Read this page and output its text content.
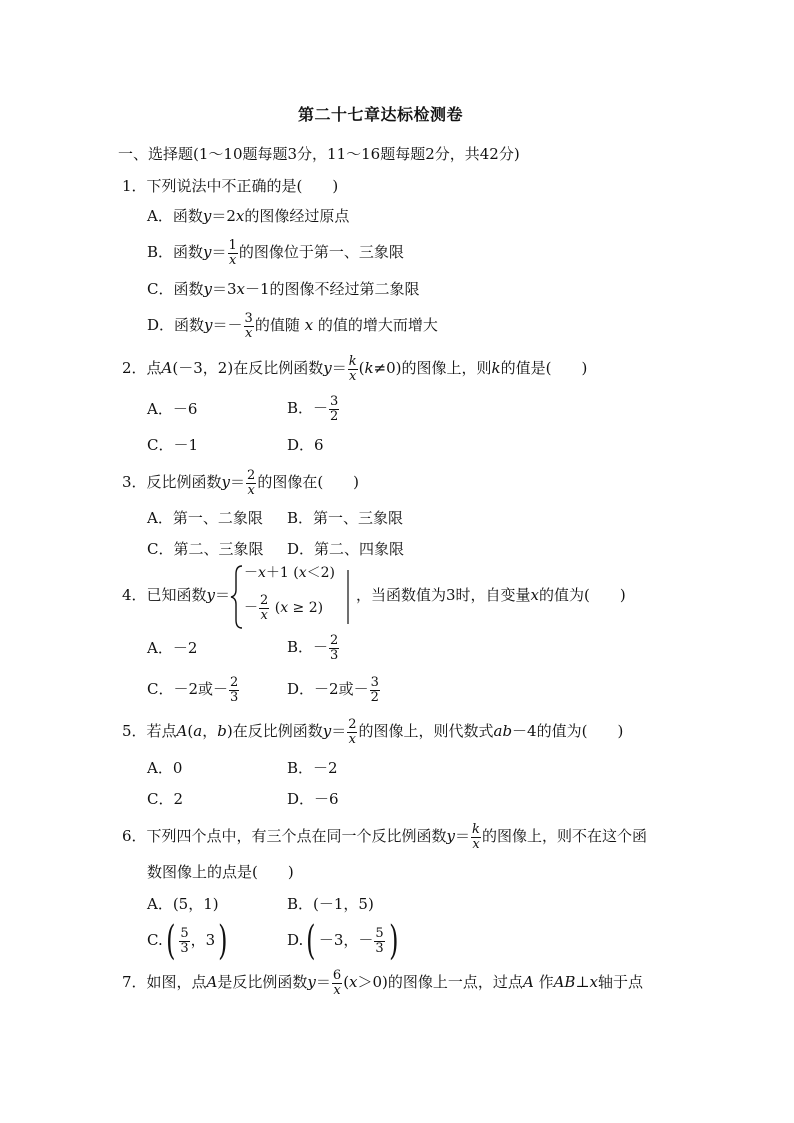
第二十七章达标检测卷
一、选择题(1～10题每题3分，11～16题每题2分，共42分)
1．下列说法中不正确的是(　　)
A．函数y＝2x的图像经过原点
B．函数$y= \frac{1}{x}$ 的图像位于第一、三象限
C．函数y＝3x－1的图像不经过第二象限
D．函数$y=- \frac{3}{x}$ 的值随 x 的值的增大而增大
2．点A(－3，2)在反比例函数$y= \frac{k}{x} (k\ne 0)$的图像上，则k的值是(　　)
A．－6	B．－ $\frac{3}{2}$
C．－1	D．6
3．反比例函数$y= \frac{2}{x}$ 的图像在(　　)
A．第一、二象限 B．第一、三象限
C．第二、三象限 D．第二、四象限
4．已知函数y＝
－x＋1 (x＜2)
－ $\frac{2}{x} (x \ge 2)$
，当函数值为3时，自变量x的值为(　　)
A．－2	B．－ $\frac{2}{3}$
C．－2或－ $\frac{2}{3}$	D．－2或－ $\frac{3}{2}$
5．若点A(a，b)在反比例函数$y= \frac{2}{x}$ 的图像上，则代数式ab－4的值为(　　)
A．0	B．－2
C．2	D．－6
6．下列四个点中，有三个点在同一个反比例函数$y= \frac{k}{x}$ 的图像上，则不在这个函
数图像上的点是(　　)
A．(5，1)	B．(－1，5)
$C.( \frac{5}{3}$ ，3)	D.( －3，－ $\frac{5}{3}$ )
7．如图，点A是反比例函数$y= \frac{6}{x} (x>0)$的图像上一点，过点A 作AB⊥x轴于点
